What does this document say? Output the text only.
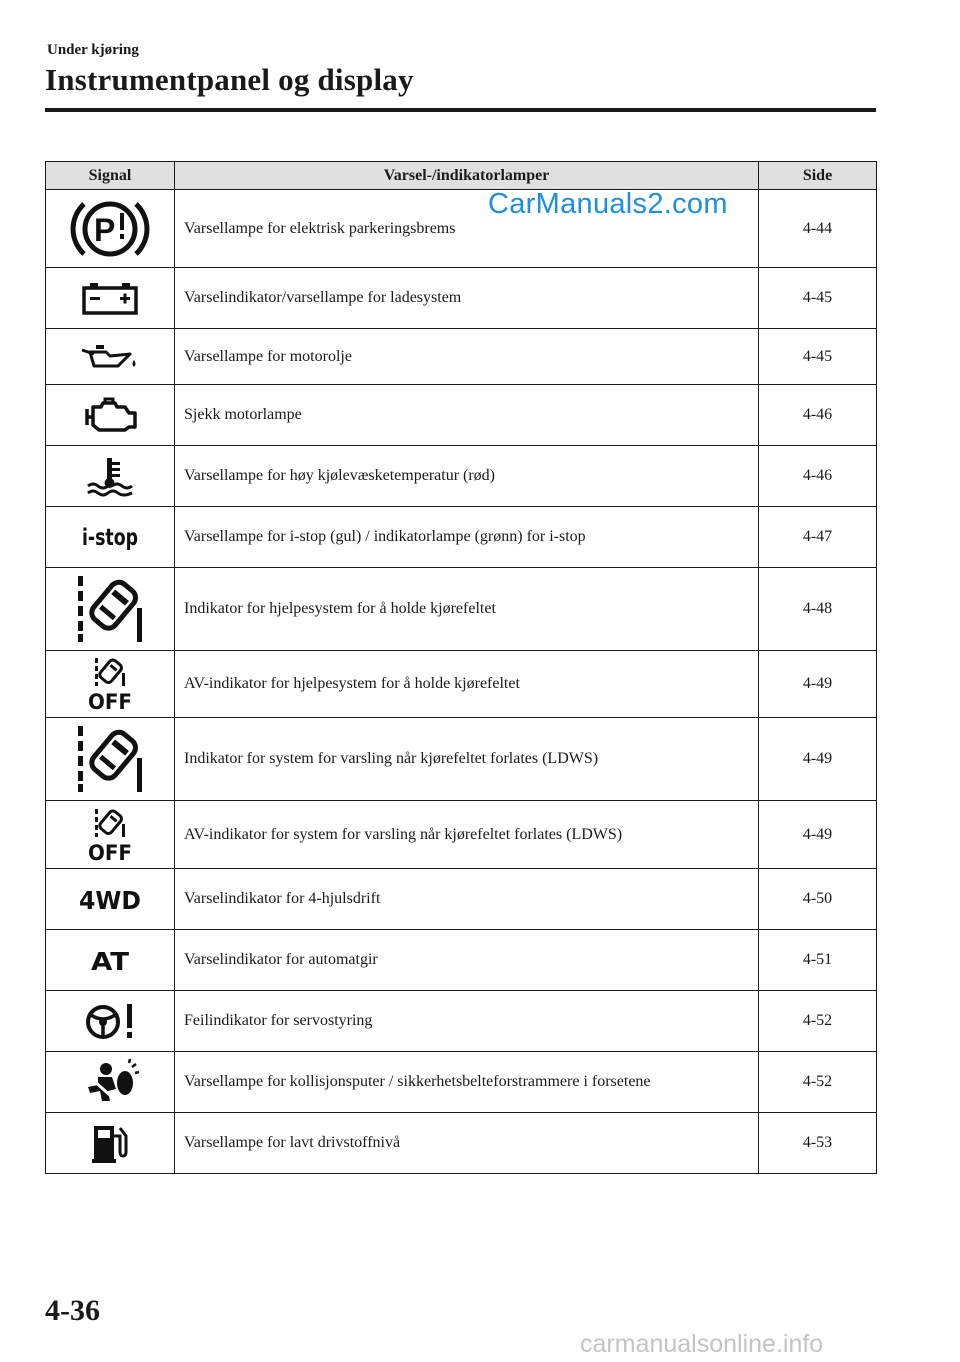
Under kjøring
Instrumentpanel og display
Signal	Varsel-/indikatorlamper	Side

P	Varsellampe for elektrisk parkeringsbrems	4-44
	Varselindikator/varsellampe for ladesystem	4-45
	Varsellampe for motorolje	4-45
	Sjekk motorlampe	4-46
	Varsellampe for høy kjølevæsketemperatur (rød)	4-46

i-stop	Varsellampe for i-stop (gul) / indikatorlampe (grønn) for i-stop	4-47
	Indikator for hjelpesystem for å holde kjørefeltet	4-48

OFF	AV-indikator for hjelpesystem for å holde kjørefeltet	4-49
	Indikator for system for varsling når kjørefeltet forlates (LDWS)	4-49

OFF	AV-indikator for system for varsling når kjørefeltet forlates (LDWS)	4-49

4WD	Varselindikator for 4-hjulsdrift	4-50

AT	Varselindikator for automatgir	4-51
	Feilindikator for servostyring	4-52
	Varsellampe for kollisjonsputer / sikkerhetsbelteforstrammere i forsetene	4-52
	Varsellampe for lavt drivstoffnivå	4-53
CarManuals2.com
4-36
carmanualsonline.info
